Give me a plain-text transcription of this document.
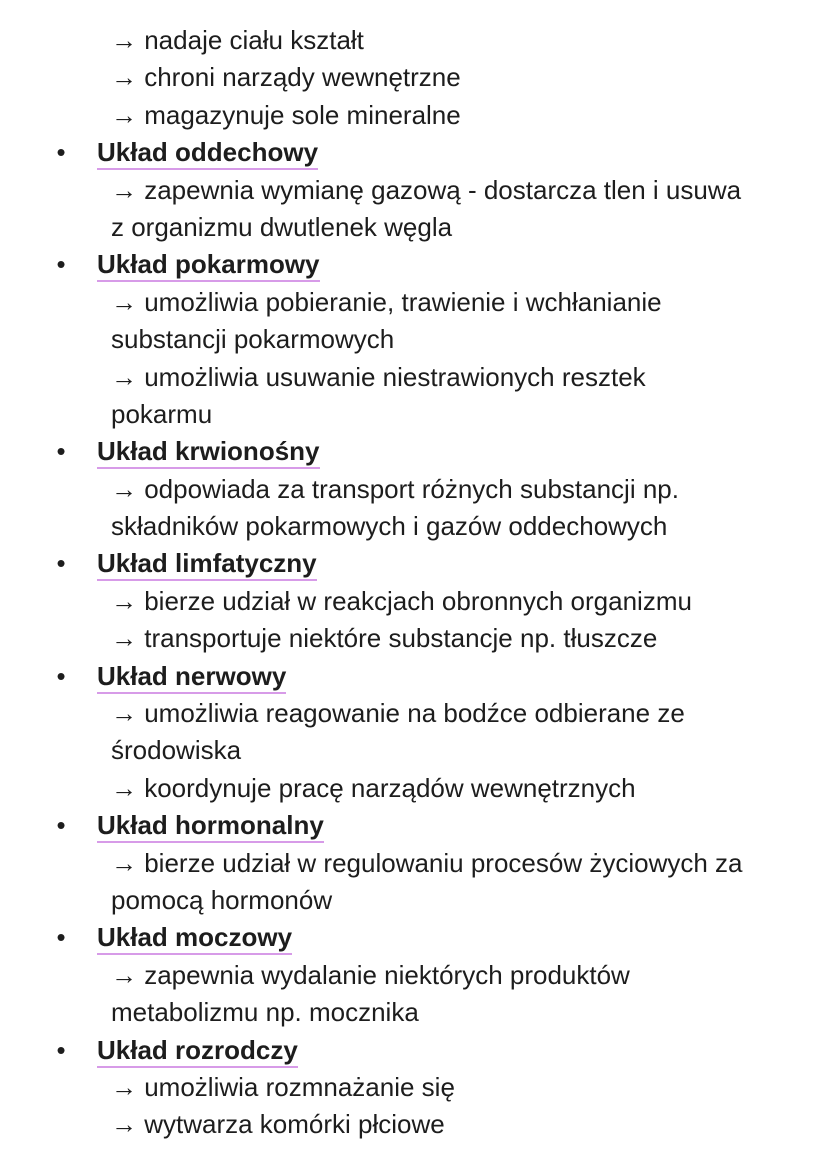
→ nadaje ciału kształt
→ chroni narządy wewnętrzne
→ magazynuje sole mineralne
• Układ oddechowy
→ zapewnia wymianę gazową - dostarcza tlen i usuwa
z organizmu dwutlenek węgla
• Układ pokarmowy
→ umożliwia pobieranie, trawienie i wchłanianie
substancji pokarmowych
→ umożliwia usuwanie niestrawionych resztek
pokarmu
• Układ krwionośny
→ odpowiada za transport różnych substancji np.
składników pokarmowych i gazów oddechowych
• Układ limfatyczny
→ bierze udział w reakcjach obronnych organizmu
→ transportuje niektóre substancje np. tłuszcze
• Układ nerwowy
→ umożliwia reagowanie na bodźce odbierane ze
środowiska
→ koordynuje pracę narządów wewnętrznych
• Układ hormonalny
→ bierze udział w regulowaniu procesów życiowych za
pomocą hormonów
• Układ moczowy
→ zapewnia wydalanie niektórych produktów
metabolizmu np. mocznika
• Układ rozrodczy
→ umożliwia rozmnażanie się
→ wytwarza komórki płciowe
